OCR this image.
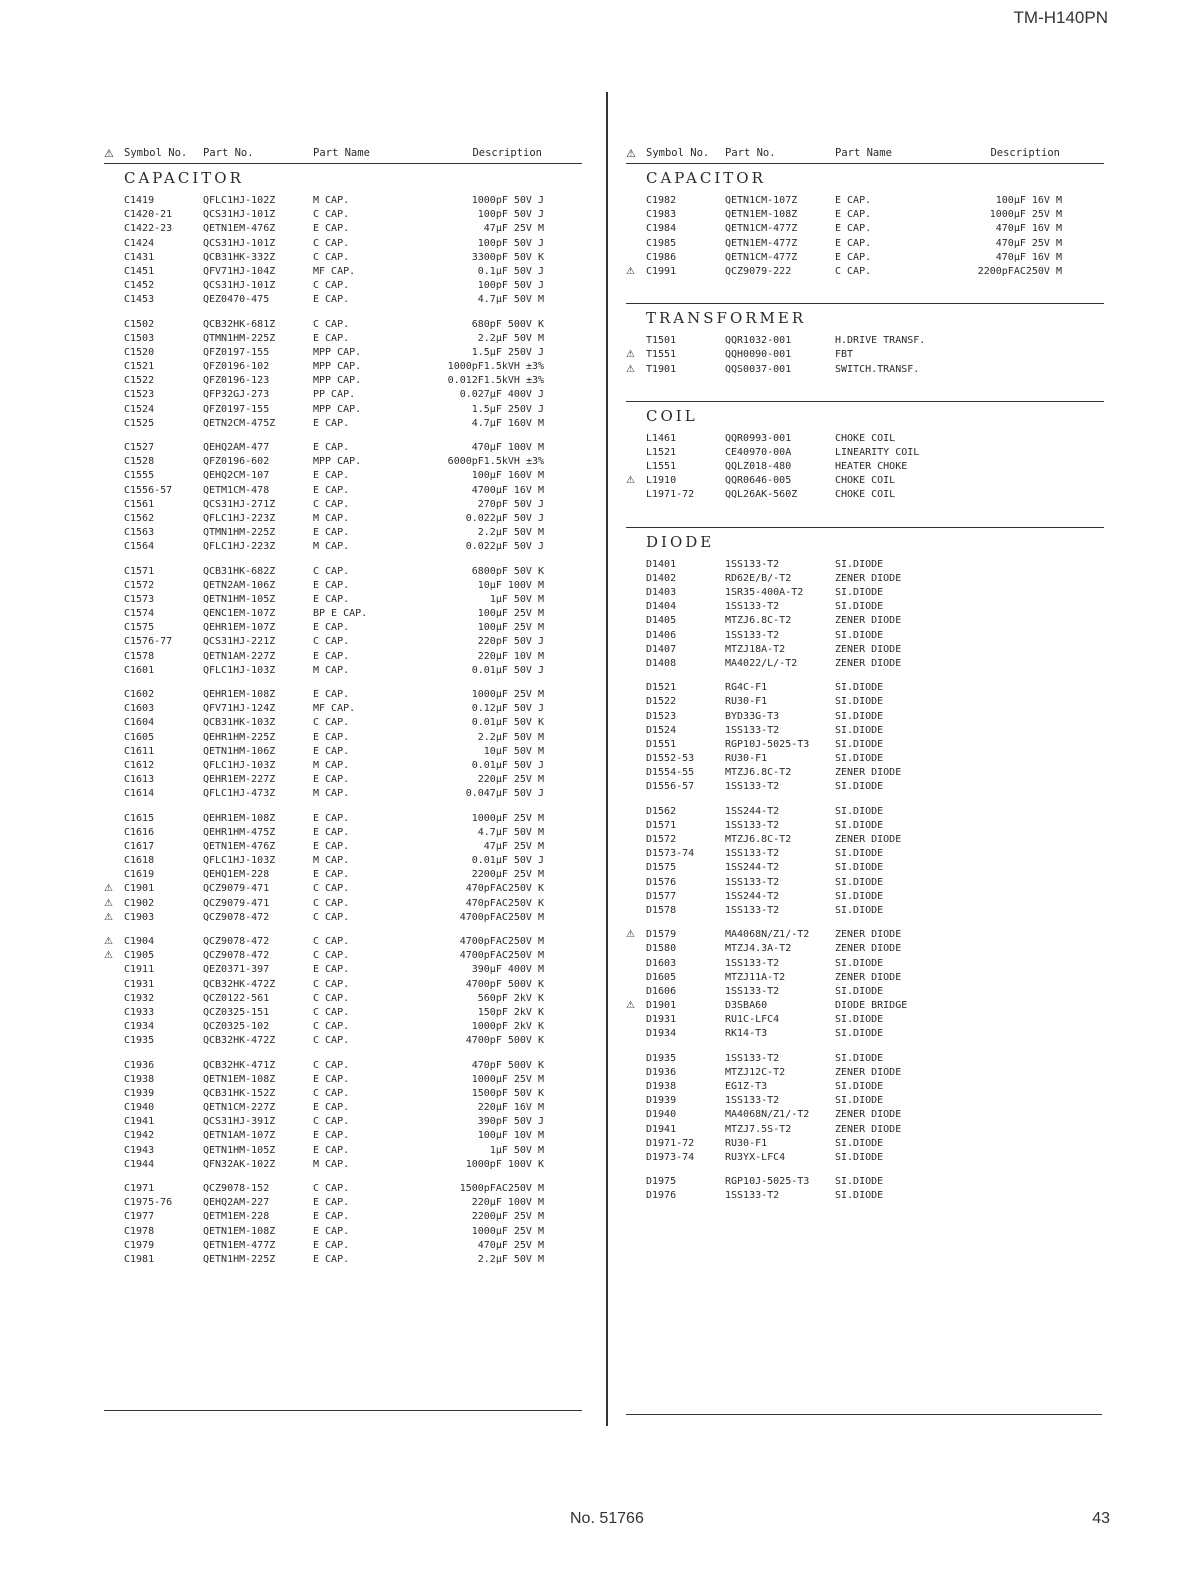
TM-H140PN
⚠ Symbol No. Part No.	Part Name	Description
CAPACITOR
C1419	QFLC1HJ-102Z	M CAP.	1000pF 50V J
C1420-21	QCS31HJ-101Z	C CAP.	100pF 50V J
C1422-23	QETN1EM-476Z	E CAP.	47µF 25V M
C1424	QCS31HJ-101Z	C CAP.	100pF 50V J
C1431	QCB31HK-332Z	C CAP.	3300pF 50V K
C1451	QFV71HJ-104Z	MF CAP.	0.1µF 50V J
C1452	QCS31HJ-101Z	C CAP.	100pF 50V J
C1453	QEZ0470-475	E CAP.	4.7µF 50V M
C1502	QCB32HK-681Z	C CAP.	680pF 500V K
C1503	QTMN1HM-225Z	E CAP.	2.2µF 50V M
C1520	QFZ0197-155	MPP CAP.	1.5µF 250V J
C1521	QFZ0196-102	MPP CAP.	1000pF1.5kVH ±3%
C1522	QFZ0196-123	MPP CAP.	0.012F1.5kVH ±3%
C1523	QFP32GJ-273	PP CAP.	0.027µF 400V J
C1524	QFZ0197-155	MPP CAP.	1.5µF 250V J
C1525	QETN2CM-475Z	E CAP.	4.7µF 160V M
C1527	QEHQ2AM-477	E CAP.	470µF 100V M
C1528	QFZ0196-602	MPP CAP.	6000pF1.5kVH ±3%
C1555	QEHQ2CM-107	E CAP.	100µF 160V M
C1556-57	QETM1CM-478	E CAP.	4700µF 16V M
C1561	QCS31HJ-271Z	C CAP.	270pF 50V J
C1562	QFLC1HJ-223Z	M CAP.	0.022µF 50V J
C1563	QTMN1HM-225Z	E CAP.	2.2µF 50V M
C1564	QFLC1HJ-223Z	M CAP.	0.022µF 50V J
C1571	QCB31HK-682Z	C CAP.	6800pF 50V K
C1572	QETN2AM-106Z	E CAP.	10µF 100V M
C1573	QETN1HM-105Z	E CAP.	1µF 50V M
C1574	QENC1EM-107Z	BP E CAP.	100µF 25V M
C1575	QEHR1EM-107Z	E CAP.	100µF 25V M
C1576-77	QCS31HJ-221Z	C CAP.	220pF 50V J
C1578	QETN1AM-227Z	E CAP.	220µF 10V M
C1601	QFLC1HJ-103Z	M CAP.	0.01µF 50V J
C1602	QEHR1EM-108Z	E CAP.	1000µF 25V M
C1603	QFV71HJ-124Z	MF CAP.	0.12µF 50V J
C1604	QCB31HK-103Z	C CAP.	0.01µF 50V K
C1605	QEHR1HM-225Z	E CAP.	2.2µF 50V M
C1611	QETN1HM-106Z	E CAP.	10µF 50V M
C1612	QFLC1HJ-103Z	M CAP.	0.01µF 50V J
C1613	QEHR1EM-227Z	E CAP.	220µF 25V M
C1614	QFLC1HJ-473Z	M CAP.	0.047µF 50V J
C1615	QEHR1EM-108Z	E CAP.	1000µF 25V M
C1616	QEHR1HM-475Z	E CAP.	4.7µF 50V M
C1617	QETN1EM-476Z	E CAP.	47µF 25V M
C1618	QFLC1HJ-103Z	M CAP.	0.01µF 50V J
C1619	QEHQ1EM-228	E CAP.	2200µF 25V M
⚠ C1901	QCZ9079-471	C CAP.	470pFAC250V K
⚠ C1902	QCZ9079-471	C CAP.	470pFAC250V K
⚠ C1903	QCZ9078-472	C CAP.	4700pFAC250V M
⚠ C1904	QCZ9078-472	C CAP.	4700pFAC250V M
⚠ C1905	QCZ9078-472	C CAP.	4700pFAC250V M
C1911	QEZ0371-397	E CAP.	390µF 400V M
C1931	QCB32HK-472Z	C CAP.	4700pF 500V K
C1932	QCZ0122-561	C CAP.	560pF 2kV K
C1933	QCZ0325-151	C CAP.	150pF 2kV K
C1934	QCZ0325-102	C CAP.	1000pF 2kV K
C1935	QCB32HK-472Z	C CAP.	4700pF 500V K
C1936	QCB32HK-471Z	C CAP.	470pF 500V K
C1938	QETN1EM-108Z	E CAP.	1000µF 25V M
C1939	QCB31HK-152Z	C CAP.	1500pF 50V K
C1940	QETN1CM-227Z	E CAP.	220µF 16V M
C1941	QCS31HJ-391Z	C CAP.	390pF 50V J
C1942	QETN1AM-107Z	E CAP.	100µF 10V M
C1943	QETN1HM-105Z	E CAP.	1µF 50V M
C1944	QFN32AK-102Z	M CAP.	1000pF 100V K
C1971	QCZ9078-152	C CAP.	1500pFAC250V M
C1975-76	QEHQ2AM-227	E CAP.	220µF 100V M
C1977	QETM1EM-228	E CAP.	2200µF 25V M
C1978	QETN1EM-108Z	E CAP.	1000µF 25V M
C1979	QETN1EM-477Z	E CAP.	470µF 25V M
C1981	QETN1HM-225Z	E CAP.	2.2µF 50V M
⚠ Symbol No. Part No.	Part Name	Description
CAPACITOR
C1982	QETN1CM-107Z	E CAP.	100µF 16V M
C1983	QETN1EM-108Z	E CAP.	1000µF 25V M
C1984	QETN1CM-477Z	E CAP.	470µF 16V M
C1985	QETN1EM-477Z	E CAP.	470µF 25V M
C1986	QETN1CM-477Z	E CAP.	470µF 16V M
⚠ C1991	QCZ9079-222	C CAP.	2200pFAC250V M
TRANSFORMER
T1501	QQR1032-001	H.DRIVE TRANSF.
⚠ T1551	QQH0090-001	FBT
⚠ T1901	QQS0037-001	SWITCH.TRANSF.
COIL
L1461	QQR0993-001	CHOKE COIL
L1521	CE40970-00A	LINEARITY COIL
L1551	QQLZ018-480	HEATER CHOKE
⚠ L1910	QQR0646-005	CHOKE COIL
L1971-72	QQL26AK-560Z	CHOKE COIL
DIODE
D1401	1SS133-T2	SI.DIODE
D1402	RD62E/B/-T2	ZENER DIODE
D1403	1SR35-400A-T2	SI.DIODE
D1404	1SS133-T2	SI.DIODE
D1405	MTZJ6.8C-T2	ZENER DIODE
D1406	1SS133-T2	SI.DIODE
D1407	MTZJ18A-T2	ZENER DIODE
D1408	MA4022/L/-T2	ZENER DIODE
D1521	RG4C-F1	SI.DIODE
D1522	RU30-F1	SI.DIODE
D1523	BYD33G-T3	SI.DIODE
D1524	1SS133-T2	SI.DIODE
D1551	RGP10J-5025-T3	SI.DIODE
D1552-53	RU30-F1	SI.DIODE
D1554-55	MTZJ6.8C-T2	ZENER DIODE
D1556-57	1SS133-T2	SI.DIODE
D1562	1SS244-T2	SI.DIODE
D1571	1SS133-T2	SI.DIODE
D1572	MTZJ6.8C-T2	ZENER DIODE
D1573-74	1SS133-T2	SI.DIODE
D1575	1SS244-T2	SI.DIODE
D1576	1SS133-T2	SI.DIODE
D1577	1SS244-T2	SI.DIODE
D1578	1SS133-T2	SI.DIODE
⚠ D1579	MA4068N/Z1/-T2	ZENER DIODE
D1580	MTZJ4.3A-T2	ZENER DIODE
D1603	1SS133-T2	SI.DIODE
D1605	MTZJ11A-T2	ZENER DIODE
D1606	1SS133-T2	SI.DIODE
⚠ D1901	D3SBA60	DIODE BRIDGE
D1931	RU1C-LFC4	SI.DIODE
D1934	RK14-T3	SI.DIODE
D1935	1SS133-T2	SI.DIODE
D1936	MTZJ12C-T2	ZENER DIODE
D1938	EG1Z-T3	SI.DIODE
D1939	1SS133-T2	SI.DIODE
D1940	MA4068N/Z1/-T2	ZENER DIODE
D1941	MTZJ7.5S-T2	ZENER DIODE
D1971-72	RU30-F1	SI.DIODE
D1973-74	RU3YX-LFC4	SI.DIODE
D1975	RGP10J-5025-T3	SI.DIODE
D1976	1SS133-T2	SI.DIODE
No. 51766	43
